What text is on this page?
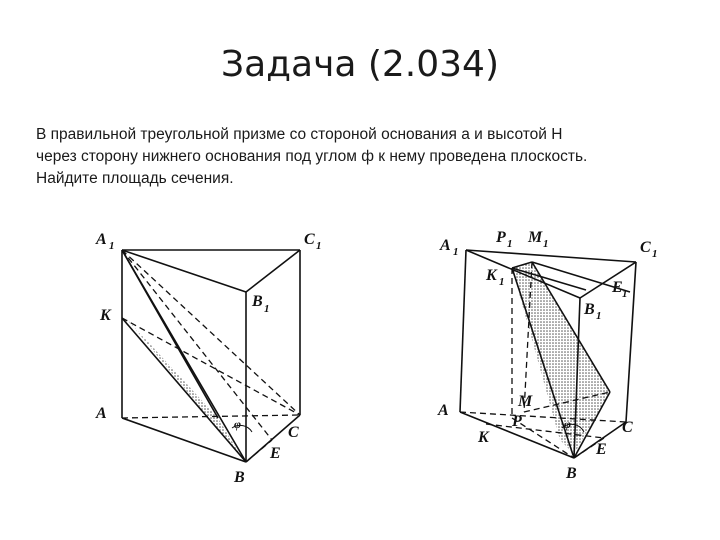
Задача (2.034)
В правильной треугольной призме со стороной основания а и высотой Н
через сторону нижнего основания под углом ф к нему проведена плоскость.
Найдите площадь сечения.
A 1	C 1
B 1
K
A
C
B
E
φ
A 1
P 1 M 1	C 1
K 1	E 1
B 1
M
A
P
K
C
B
E
φ
